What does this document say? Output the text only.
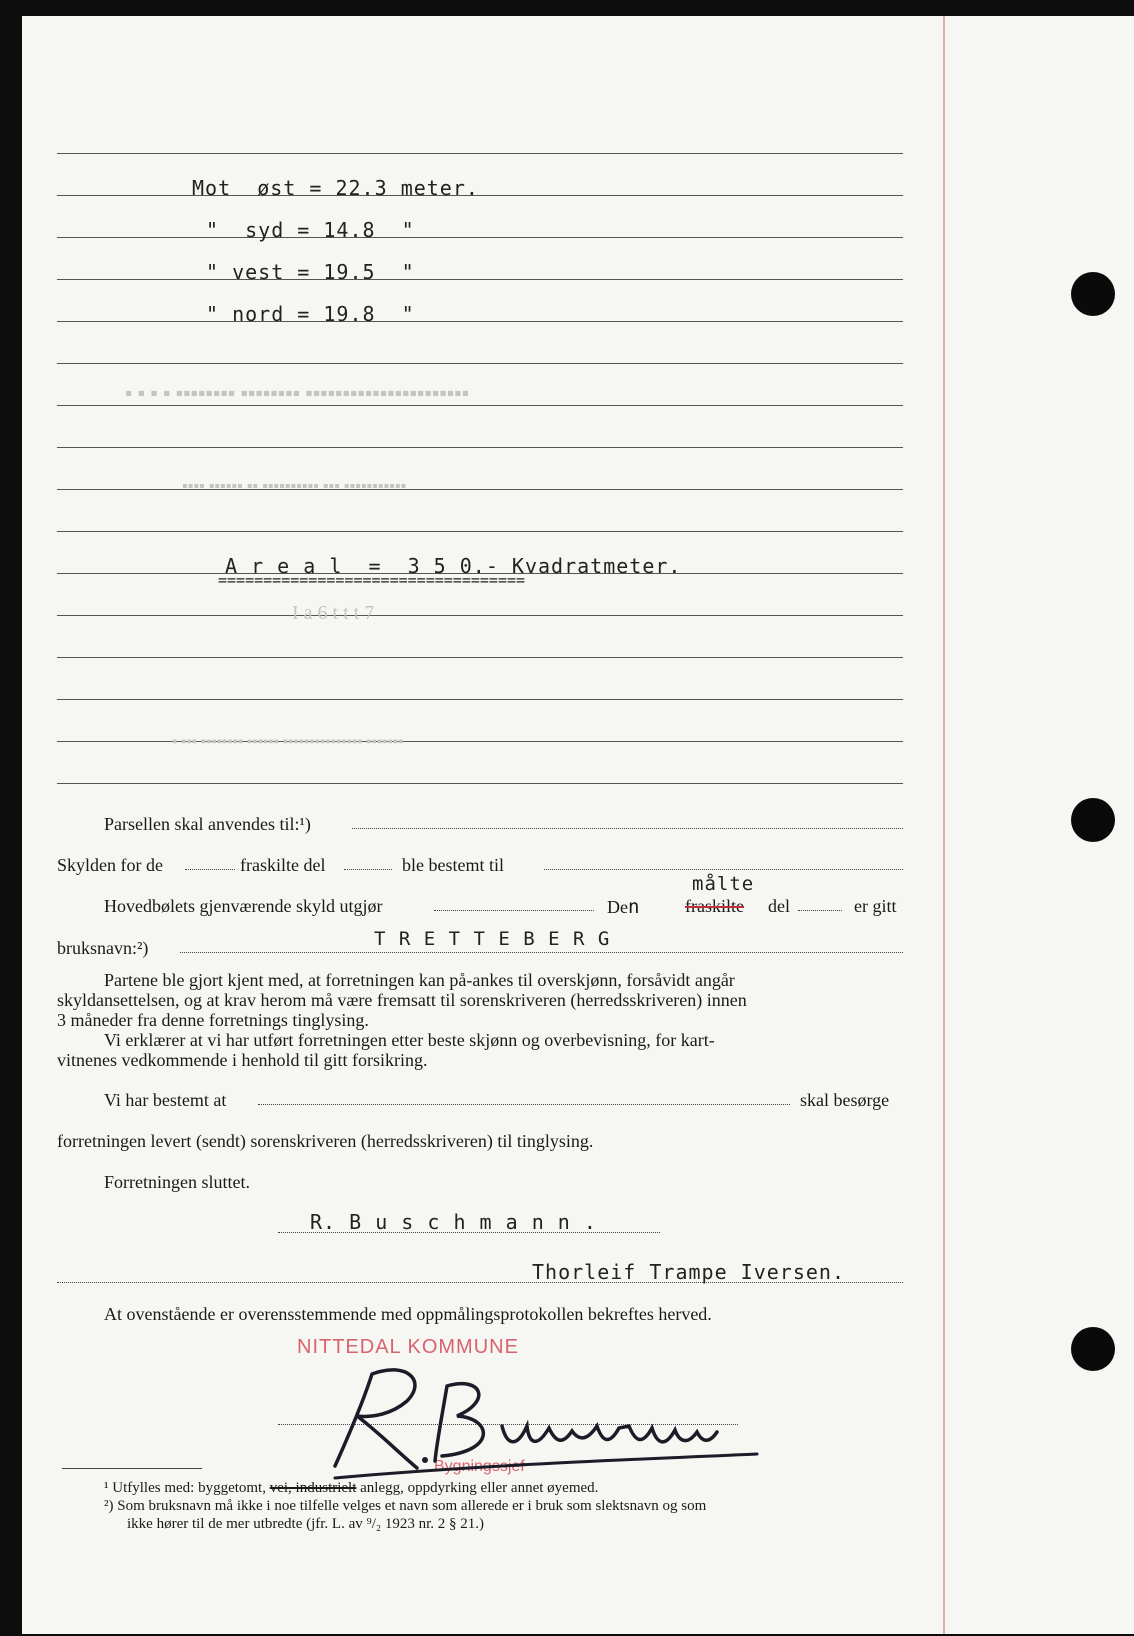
▪ ▪ ▪ ▪ ▪▪▪▪▪▪▪▪ ▪▪▪▪▪▪▪▪ ▪▪▪▪▪▪▪▪▪▪▪▪▪▪▪▪▪▪▪▪▪▪
▪▪▪▪ ▪▪▪▪▪▪ ▪▪ ▪▪▪▪▪▪▪▪▪▪ ▪▪▪ ▪▪▪▪▪▪▪▪▪▪▪
I a 6 t t t 7
▪ ▪▪▪ ▪▪▪▪▪▪▪▪ ▪▪▪▪▪▪ ▪▪▪▪▪▪▪▪▪▪▪▪▪▪▪ ▪▪▪▪▪▪▪
Mot øst = 22.3 meter.
" syd = 14.8 "
" vest = 19.5 "
" nord = 19.8 "
A r e a l  =  3 5 0.- Kvadratmeter.
==================================
Parsellen skal anvendes til:¹)
Skylden for de	fraskilte del	ble bestemt til
Hovedbølets gjenværende skyld utgjør	Den
målte
fraskilte del	er gitt
bruksnavn:²)	T R E T T E B E R G
Partene ble gjort kjent med, at forretningen kan på-ankes til overskjønn, forsåvidt angår
skyldansettelsen, og at krav herom må være fremsatt til sorenskriveren (herredsskriveren) innen
3 måneder fra denne forretnings tinglysing.
Vi erklærer at vi har utført forretningen etter beste skjønn og overbevisning, for kart-
vitnenes vedkommende i henhold til gitt forsikring.
Vi har bestemt at	skal besørge
forretningen levert (sendt) sorenskriveren (herredsskriveren) til tinglysing.
Forretningen sluttet.
R. B u s c h m a n n .
Thorleif Trampe Iversen.
At ovenstående er overensstemmende med oppmålingsprotokollen bekreftes herved.
NITTEDAL KOMMUNE
Bygningssjef
¹ Utfylles med: byggetomt, vei, industrielt anlegg, oppdyrking eller annet øyemed.
²) Som bruksnavn må ikke i noe tilfelle velges et navn som allerede er i bruk som slektsnavn og som
ikke hører til de mer utbredte (jfr. L. av ⁹/₂ 1923 nr. 2 § 21.)
